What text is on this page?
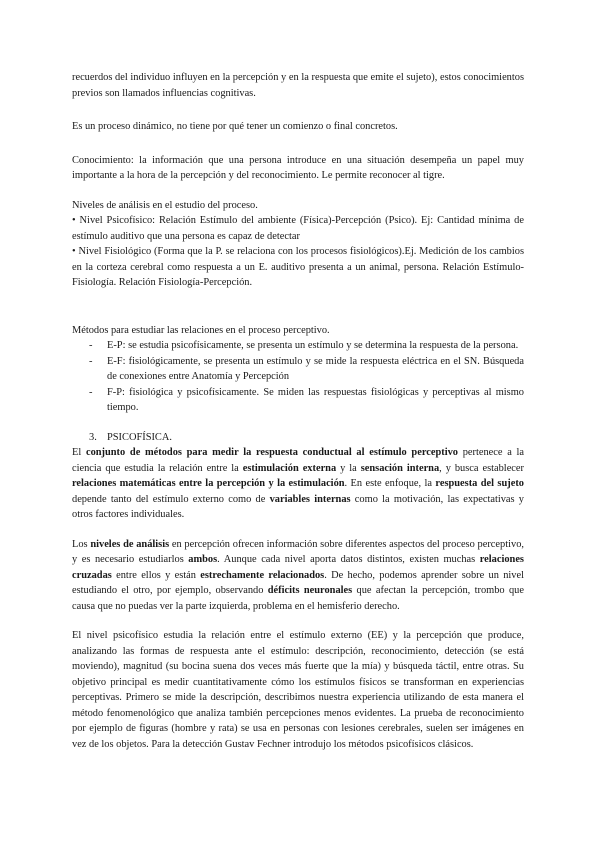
recuerdos del individuo influyen en la percepción y en la respuesta que emite el sujeto), estos conocimientos previos son llamados influencias cognitivas.

Es un proceso dinámico, no tiene por qué tener un comienzo o final concretos.

Conocimiento: la información que una persona introduce en una situación desempeña un papel muy importante a la hora de la percepción y del reconocimiento. Le permite reconocer al tigre.

Niveles de análisis en el estudio del proceso.

• Nivel Psicofísico: Relación Estímulo del ambiente (Física)-Percepción (Psico). Ej: Cantidad mínima de estímulo auditivo que una persona es capaz de detectar

• Nivel Fisiológico (Forma que la P. se relaciona con los procesos fisiológicos).Ej. Medición de los cambios en la corteza cerebral como respuesta a un E. auditivo presenta a un animal, persona. Relación Estímulo-Fisiología. Relación Fisiología-Percepción.

Métodos para estudiar las relaciones en el proceso perceptivo.

- E-P: se estudia psicofísicamente, se presenta un estímulo y se determina la respuesta de la persona.
- E-F: fisiológicamente, se presenta un estímulo y se mide la respuesta eléctrica en el SN. Búsqueda de conexiones entre Anatomía y Percepción
- F-P: fisiológica y psicofísicamente. Se miden las respuestas fisiológicas y perceptivas al mismo tiempo.
3. PSICOFÍSICA.

El conjunto de métodos para medir la respuesta conductual al estímulo perceptivo pertenece a la ciencia que estudia la relación entre la estimulación externa y la sensación interna, y busca establecer relaciones matemáticas entre la percepción y la estimulación. En este enfoque, la respuesta del sujeto depende tanto del estímulo externo como de variables internas como la motivación, las expectativas y otros factores individuales.

Los niveles de análisis en percepción ofrecen información sobre diferentes aspectos del proceso perceptivo, y es necesario estudiarlos ambos. Aunque cada nivel aporta datos distintos, existen muchas relaciones cruzadas entre ellos y están estrechamente relacionados. De hecho, podemos aprender sobre un nivel estudiando el otro, por ejemplo, observando déficits neuronales que afectan la percepción, trombo que causa que no puedas ver la parte izquierda, problema en el hemisferio derecho.

El nivel psicofísico estudia la relación entre el estímulo externo (EE) y la percepción que produce, analizando las formas de respuesta ante el estímulo: descripción, reconocimiento, detección (se está moviendo), magnitud (su bocina suena dos veces más fuerte que la mía) y búsqueda táctil, entre otras. Su objetivo principal es medir cuantitativamente cómo los estímulos físicos se transforman en experiencias perceptivas. Primero se mide la descripción, describimos nuestra experiencia utilizando de esta manera el método fenomenológico que analiza también percepciones menos evidentes. La prueba de reconocimiento por ejemplo de figuras (hombre y rata) se usa en personas con lesiones cerebrales, suelen ser imágenes en vez de los objetos. Para la detección Gustav Fechner introdujo los métodos psicofísicos clásicos.
